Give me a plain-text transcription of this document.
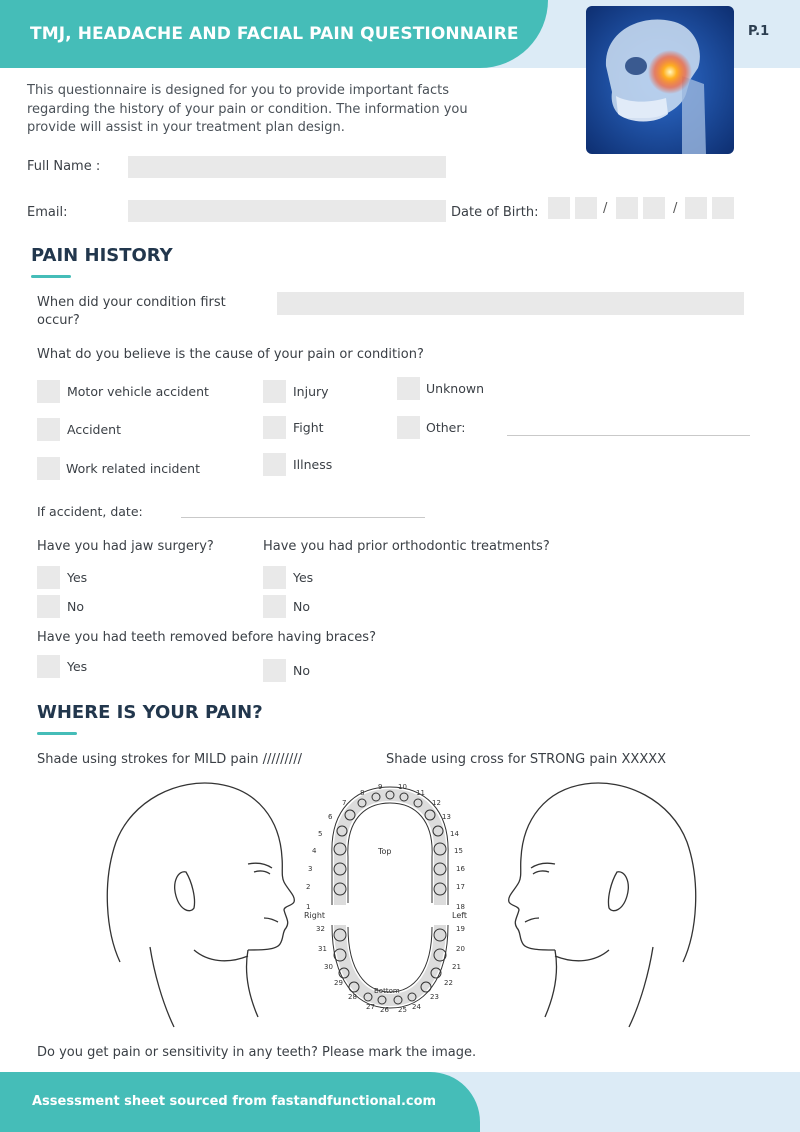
TMJ, HEADACHE AND FACIAL PAIN QUESTIONNAIRE	P.1
This questionnaire is designed for you to provide important facts regarding the history of your pain or condition. The information you provide will assist in your treatment plan design.
Full Name :
Email:	Date of Birth:	/	/
PAIN HISTORY
When did your condition first occur?
What do you believe is the cause of your pain or condition?
Motor vehicle accident	Injury	Unknown
Accident	Fight	Other:
Work related incident	Illness
If accident, date:
Have you had jaw surgery?	Have you had prior orthodontic treatments?
Yes	Yes
No	No
Have you had teeth removed before having braces?
Yes	No
WHERE IS YOUR PAIN?
Shade using strokes for MILD pain /////////	Shade using cross for STRONG pain XXXXX
Top
Bottom
Right	Left
1
2
3
4
5
6
7
8
9 10
11
12
13
14
15
16
17
18
19
20
21
22
23
24
25
26
27
28
29
30
31
32
Do you get pain or sensitivity in any teeth? Please mark the image.
Assessment sheet sourced from fastandfunctional.com
